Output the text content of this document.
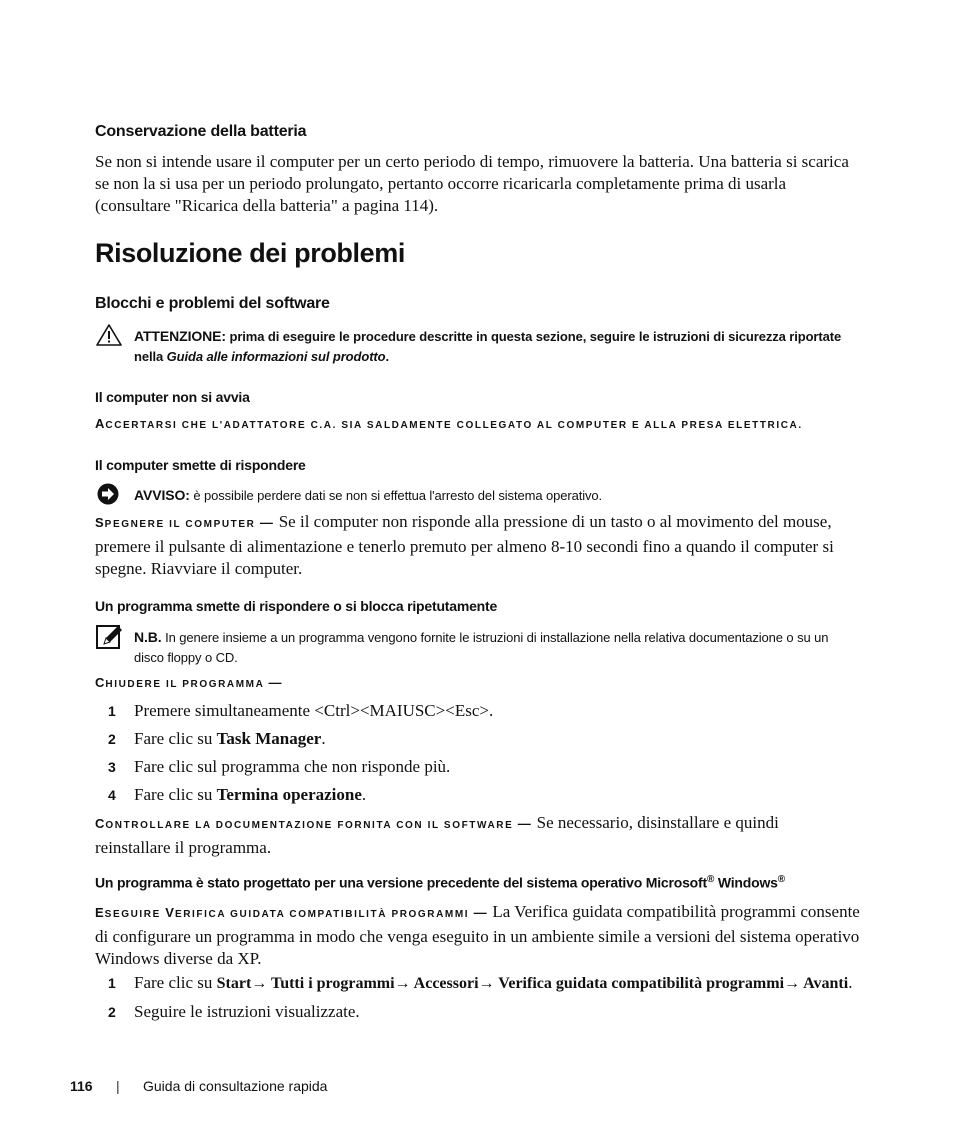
Conservazione della batteria
Se non si intende usare il computer per un certo periodo di tempo, rimuovere la batteria. Una batteria si scarica se non la si usa per un periodo prolungato, pertanto occorre ricaricarla completamente prima di usarla (consultare "Ricarica della batteria" a pagina 114).
Risoluzione dei problemi
Blocchi e problemi del software
ATTENZIONE: prima di eseguire le procedure descritte in questa sezione, seguire le istruzioni di sicurezza riportate nella Guida alle informazioni sul prodotto.
Il computer non si avvia
ACCERTARSI CHE L'ADATTATORE C.A. SIA SALDAMENTE COLLEGATO AL COMPUTER E ALLA PRESA ELETTRICA.
Il computer smette di rispondere
AVVISO: è possibile perdere dati se non si effettua l'arresto del sistema operativo.
SPEGNERE IL COMPUTER — Se il computer non risponde alla pressione di un tasto o al movimento del mouse, premere il pulsante di alimentazione e tenerlo premuto per almeno 8-10 secondi fino a quando il computer si spegne. Riavviare il computer.
Un programma smette di rispondere o si blocca ripetutamente
N.B. In genere insieme a un programma vengono fornite le istruzioni di installazione nella relativa documentazione o su un disco floppy o CD.
CHIUDERE IL PROGRAMMA —
1 Premere simultaneamente <Ctrl><MAIUSC><Esc>.
2 Fare clic su Task Manager.
3 Fare clic sul programma che non risponde più.
4 Fare clic su Termina operazione.
CONTROLLARE LA DOCUMENTAZIONE FORNITA CON IL SOFTWARE — Se necessario, disinstallare e quindi reinstallare il programma.
Un programma è stato progettato per una versione precedente del sistema operativo Microsoft® Windows®
ESEGUIRE VERIFICA GUIDATA COMPATIBILITÀ PROGRAMMI — La Verifica guidata compatibilità programmi consente di configurare un programma in modo che venga eseguito in un ambiente simile a versioni del sistema operativo Windows diverse da XP.
1 Fare clic su Start→ Tutti i programmi→ Accessori→ Verifica guidata compatibilità programmi→ Avanti.
2 Seguire le istruzioni visualizzate.
116 | Guida di consultazione rapida
